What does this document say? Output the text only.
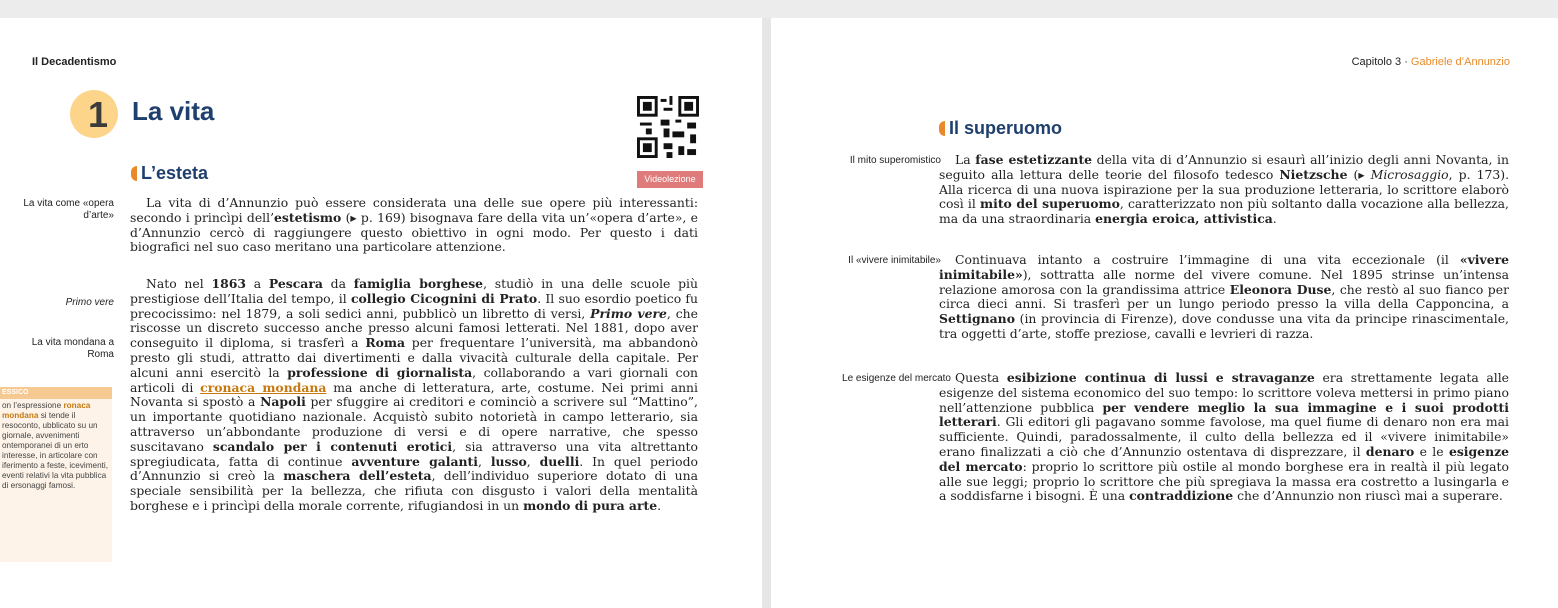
Il Decadentismo
1 La vita
Videolezione
L’esteta
La vita come «opera d’arte»
Primo vere
La vita mondana a Roma
ESSICO
on l’espressione ronaca mondana si tende il resoconto, ubblicato su un giornale, avvenimenti ontemporanei di un erto interesse, in articolare con iferimento a feste, icevimenti, eventi relativi la vita pubblica di ersonaggi famosi.

La vita di d’Annunzio può essere considerata una delle sue opere più interessanti: secondo i princìpi dell’estetismo (▸ p. 169) bisognava fare della vita un’«opera d’arte», e d’Annunzio cercò di raggiungere questo obiettivo in ogni modo. Per questo i dati biografici nel suo caso meritano una particolare attenzione.

Nato nel 1863 a Pescara da famiglia borghese, studiò in una delle scuole più prestigiose dell’Italia del tempo, il collegio Cicognini di Prato. Il suo esordio poetico fu precocissimo: nel 1879, a soli sedici anni, pubblicò un libretto di versi, Primo vere, che riscosse un discreto successo anche presso alcuni famosi letterati. Nel 1881, dopo aver conseguito il diploma, si trasferì a Roma per frequentare l’università, ma abbandonò presto gli studi, attratto dai divertimenti e dalla vivacità culturale della capitale. Per alcuni anni esercitò la professione di giornalista, collaborando a vari giornali con articoli di cronaca mondana ma anche di letteratura, arte, costume. Nei primi anni Novanta si spostò a Napoli per sfuggire ai creditori e cominciò a scrivere sul “Mattino”, un importante quotidiano nazionale. Acquistò subito notorietà in campo letterario, sia attraverso un’abbondante produzione di versi e di opere narrative, che spesso suscitavano scandalo per i contenuti erotici, sia attraverso una vita altrettanto spregiudicata, fatta di continue avventure galanti, lusso, duelli. In quel periodo d’Annunzio si creò la maschera dell’esteta, dell’individuo superiore dotato di una speciale sensibilità per la bellezza, che rifiuta con disgusto i valori della mentalità borghese e i princìpi della morale corrente, rifugiandosi in un mondo di pura arte.

Capitolo 3 · Gabriele d’Annunzio
Il superuomo
Il mito superomistico
Il «vivere inimitabile»
Le esigenze del mercato

La fase estetizzante della vita di d’Annunzio si esaurì all’inizio degli anni Novanta, in seguito alla lettura delle teorie del filosofo tedesco Nietzsche (▸ Microsaggio, p. 173). Alla ricerca di una nuova ispirazione per la sua produzione letteraria, lo scrittore elaborò così il mito del superuomo, caratterizzato non più soltanto dalla vocazione alla bellezza, ma da una straordinaria energia eroica, attivistica.

Continuava intanto a costruire l’immagine di una vita eccezionale (il «vivere inimitabile»), sottratta alle norme del vivere comune. Nel 1895 strinse un’intensa relazione amorosa con la grandissima attrice Eleonora Duse, che restò al suo fianco per circa dieci anni. Si trasferì per un lungo periodo presso la villa della Capponcina, a Settignano (in provincia di Firenze), dove condusse una vita da principe rinascimentale, tra oggetti d’arte, stoffe preziose, cavalli e levrieri di razza.

Questa esibizione continua di lussi e stravaganze era strettamente legata alle esigenze del sistema economico del suo tempo: lo scrittore voleva mettersi in primo piano nell’attenzione pubblica per vendere meglio la sua immagine e i suoi prodotti letterari. Gli editori gli pagavano somme favolose, ma quel fiume di denaro non era mai sufficiente. Quindi, paradossalmente, il culto della bellezza ed il «vivere inimitabile» erano finalizzati a ciò che d’Annunzio ostentava di disprezzare, il denaro e le esigenze del mercato: proprio lo scrittore più ostile al mondo borghese era in realtà il più legato alle sue leggi; proprio lo scrittore che più spregiava la massa era costretto a lusingarla e a soddisfarne i bisogni. È una contraddizione che d’Annunzio non riuscì mai a superare.
